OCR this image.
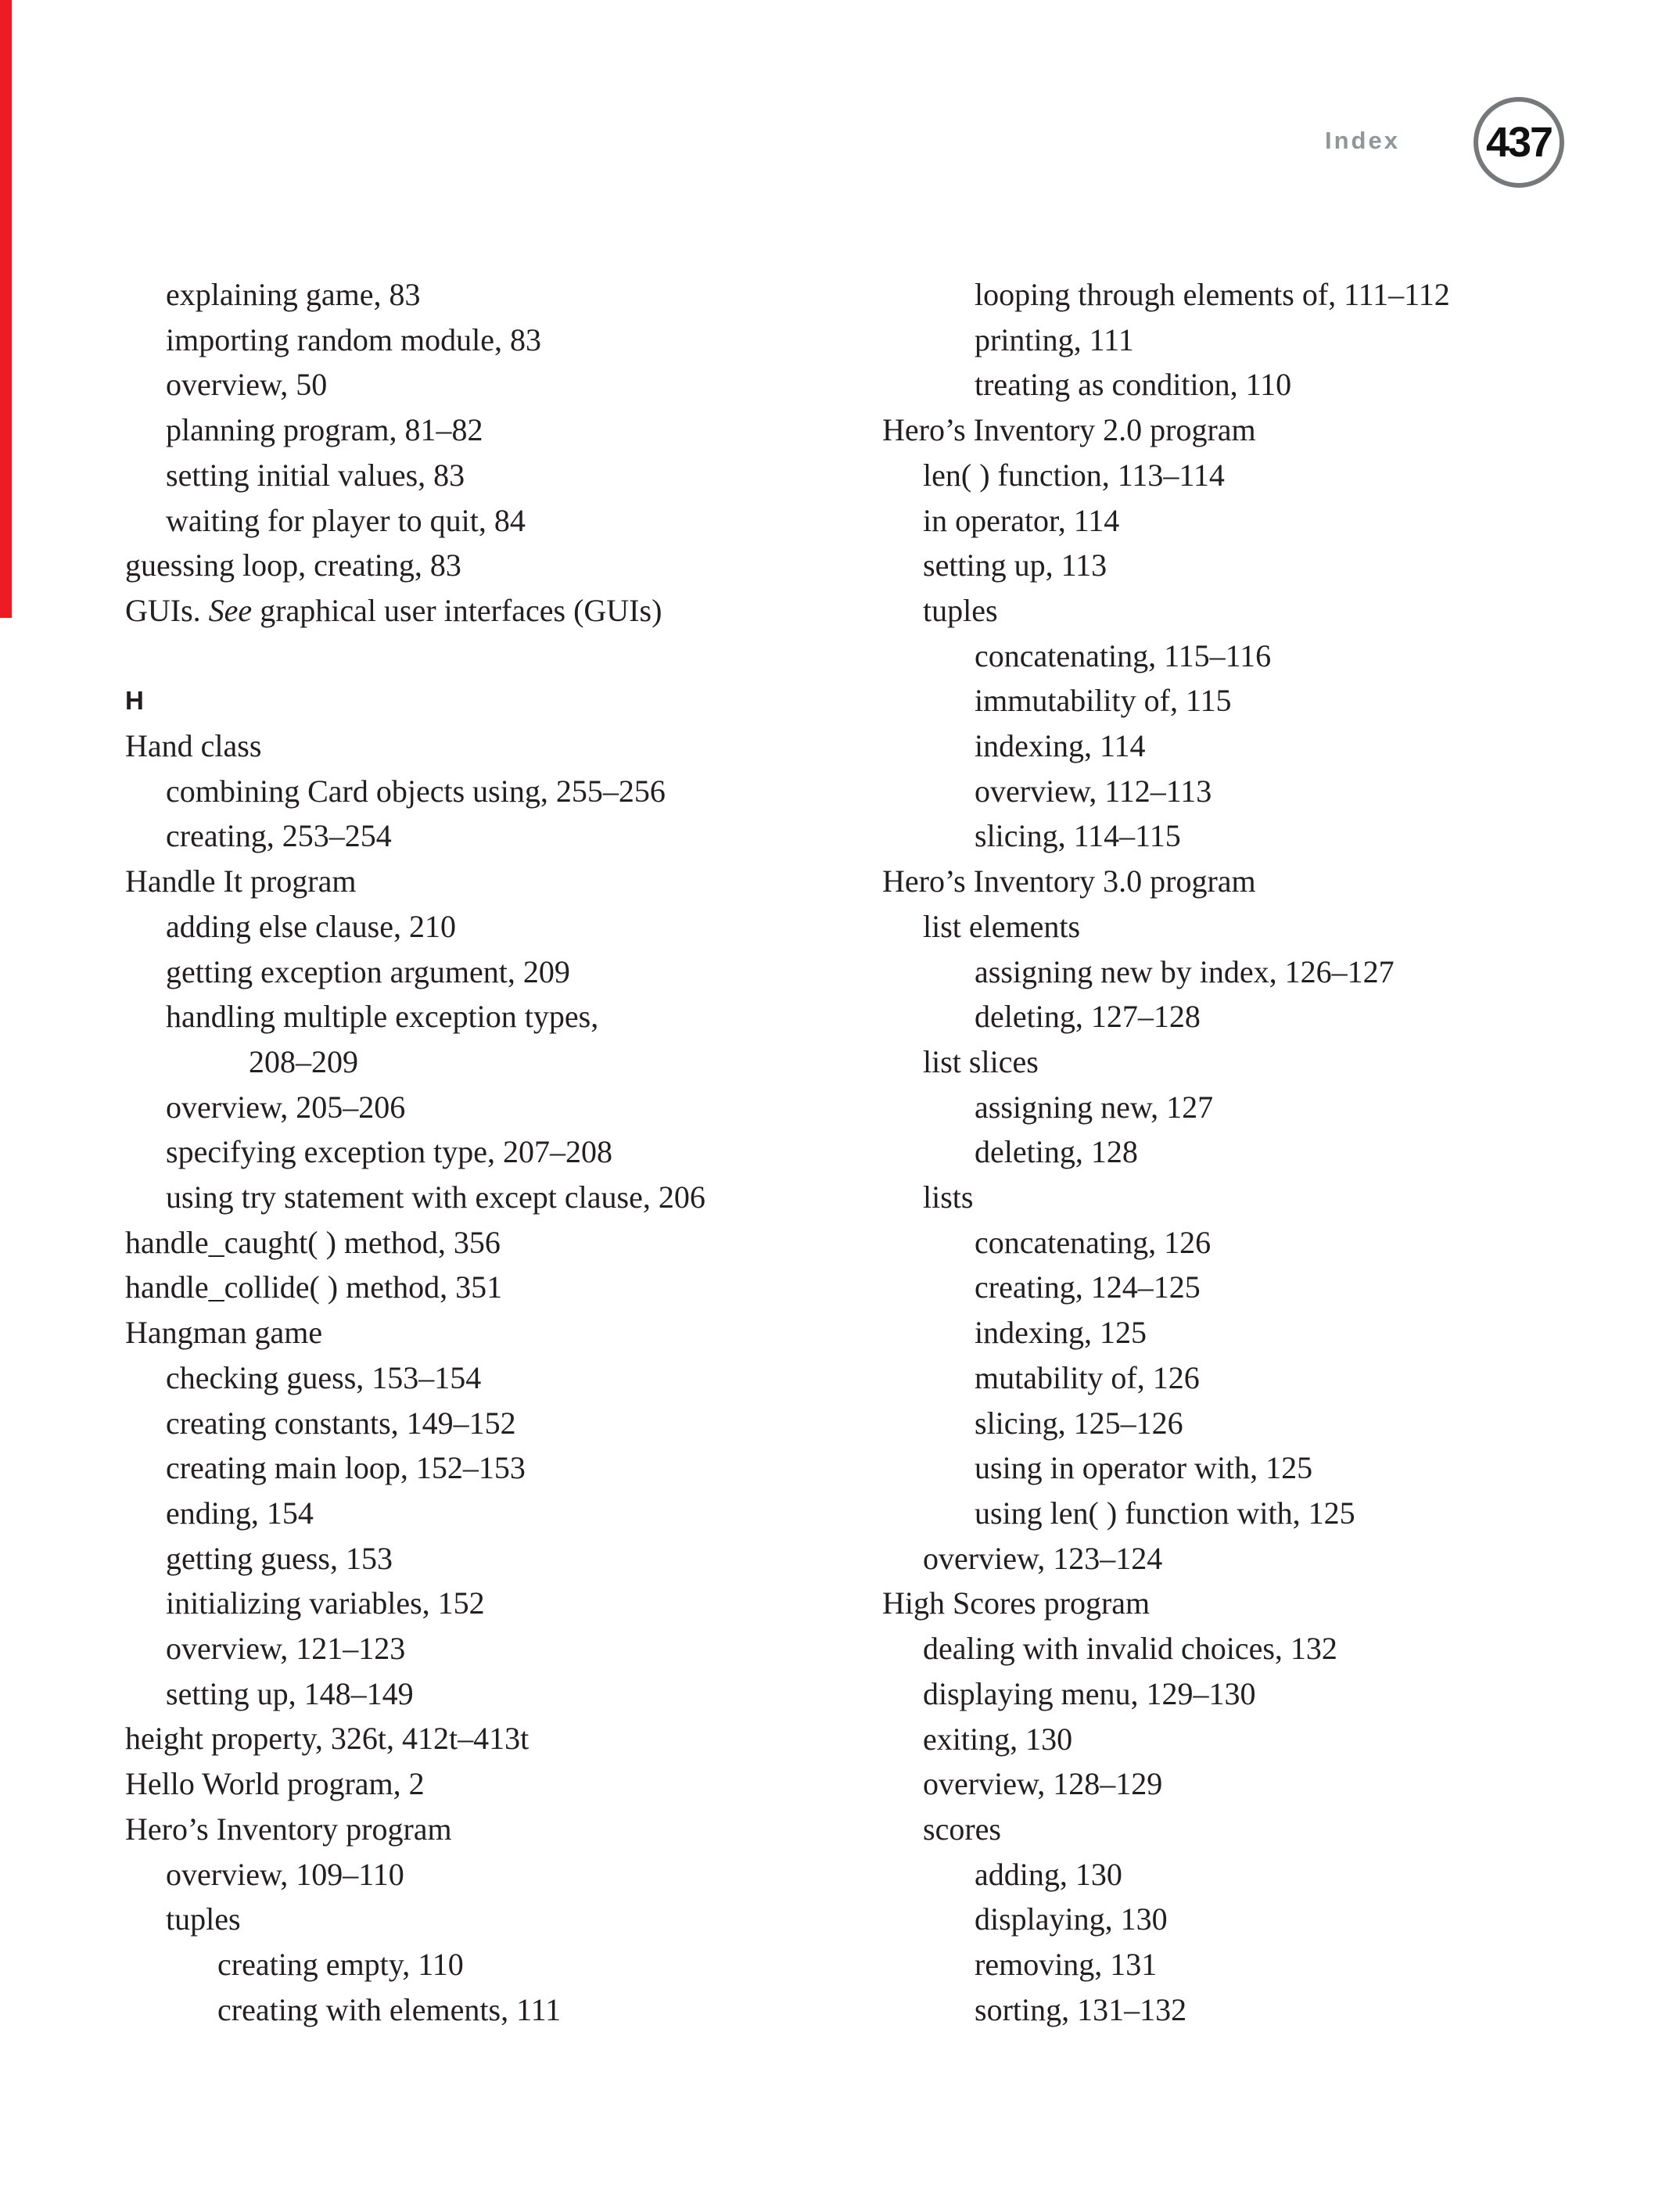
Index 437
explaining game, 83
importing random module, 83
overview, 50
planning program, 81–82
setting initial values, 83
waiting for player to quit, 84
guessing loop, creating, 83
GUIs. See graphical user interfaces (GUIs)
H
Hand class
combining Card objects using, 255–256
creating, 253–254
Handle It program
adding else clause, 210
getting exception argument, 209
handling multiple exception types,
208–209
overview, 205–206
specifying exception type, 207–208
using try statement with except clause, 206
handle_caught( ) method, 356
handle_collide( ) method, 351
Hangman game
checking guess, 153–154
creating constants, 149–152
creating main loop, 152–153
ending, 154
getting guess, 153
initializing variables, 152
overview, 121–123
setting up, 148–149
height property, 326t, 412t–413t
Hello World program, 2
Hero’s Inventory program
overview, 109–110
tuples
creating empty, 110
creating with elements, 111
looping through elements of, 111–112
printing, 111
treating as condition, 110
Hero’s Inventory 2.0 program
len( ) function, 113–114
in operator, 114
setting up, 113
tuples
concatenating, 115–116
immutability of, 115
indexing, 114
overview, 112–113
slicing, 114–115
Hero’s Inventory 3.0 program
list elements
assigning new by index, 126–127
deleting, 127–128
list slices
assigning new, 127
deleting, 128
lists
concatenating, 126
creating, 124–125
indexing, 125
mutability of, 126
slicing, 125–126
using in operator with, 125
using len( ) function with, 125
overview, 123–124
High Scores program
dealing with invalid choices, 132
displaying menu, 129–130
exiting, 130
overview, 128–129
scores
adding, 130
displaying, 130
removing, 131
sorting, 131–132
